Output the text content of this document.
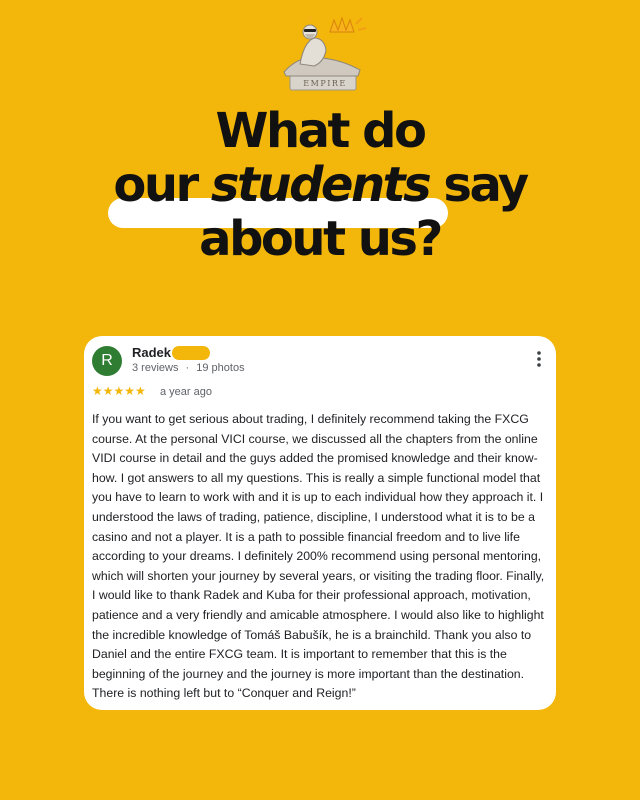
EMPIRE
What do
our students say
about us?
R	Radek
3 reviews · 19 photos
★★★★★ a year ago

If you want to get serious about trading, I definitely recommend taking the FXCG course. At the personal VICI course, we discussed all the chapters from the online VIDI course in detail and the guys added the promised knowledge and their know-how. I got answers to all my questions. This is really a simple functional model that you have to learn to work with and it is up to each individual how they approach it. I understood the laws of trading, patience, discipline, I understood what it is to be a casino and not a player. It is a path to possible financial freedom and to live life according to your dreams. I definitely 200% recommend using personal mentoring, which will shorten your journey by several years, or visiting the trading floor. Finally, I would like to thank Radek and Kuba for their professional approach, motivation, patience and a very friendly and amicable atmosphere. I would also like to highlight the incredible knowledge of Tomáš Babušík, he is a brainchild. Thank you also to Daniel and the entire FXCG team. It is important to remember that this is the beginning of the journey and the journey is more important than the destination. There is nothing left but to “Conquer and Reign!”
